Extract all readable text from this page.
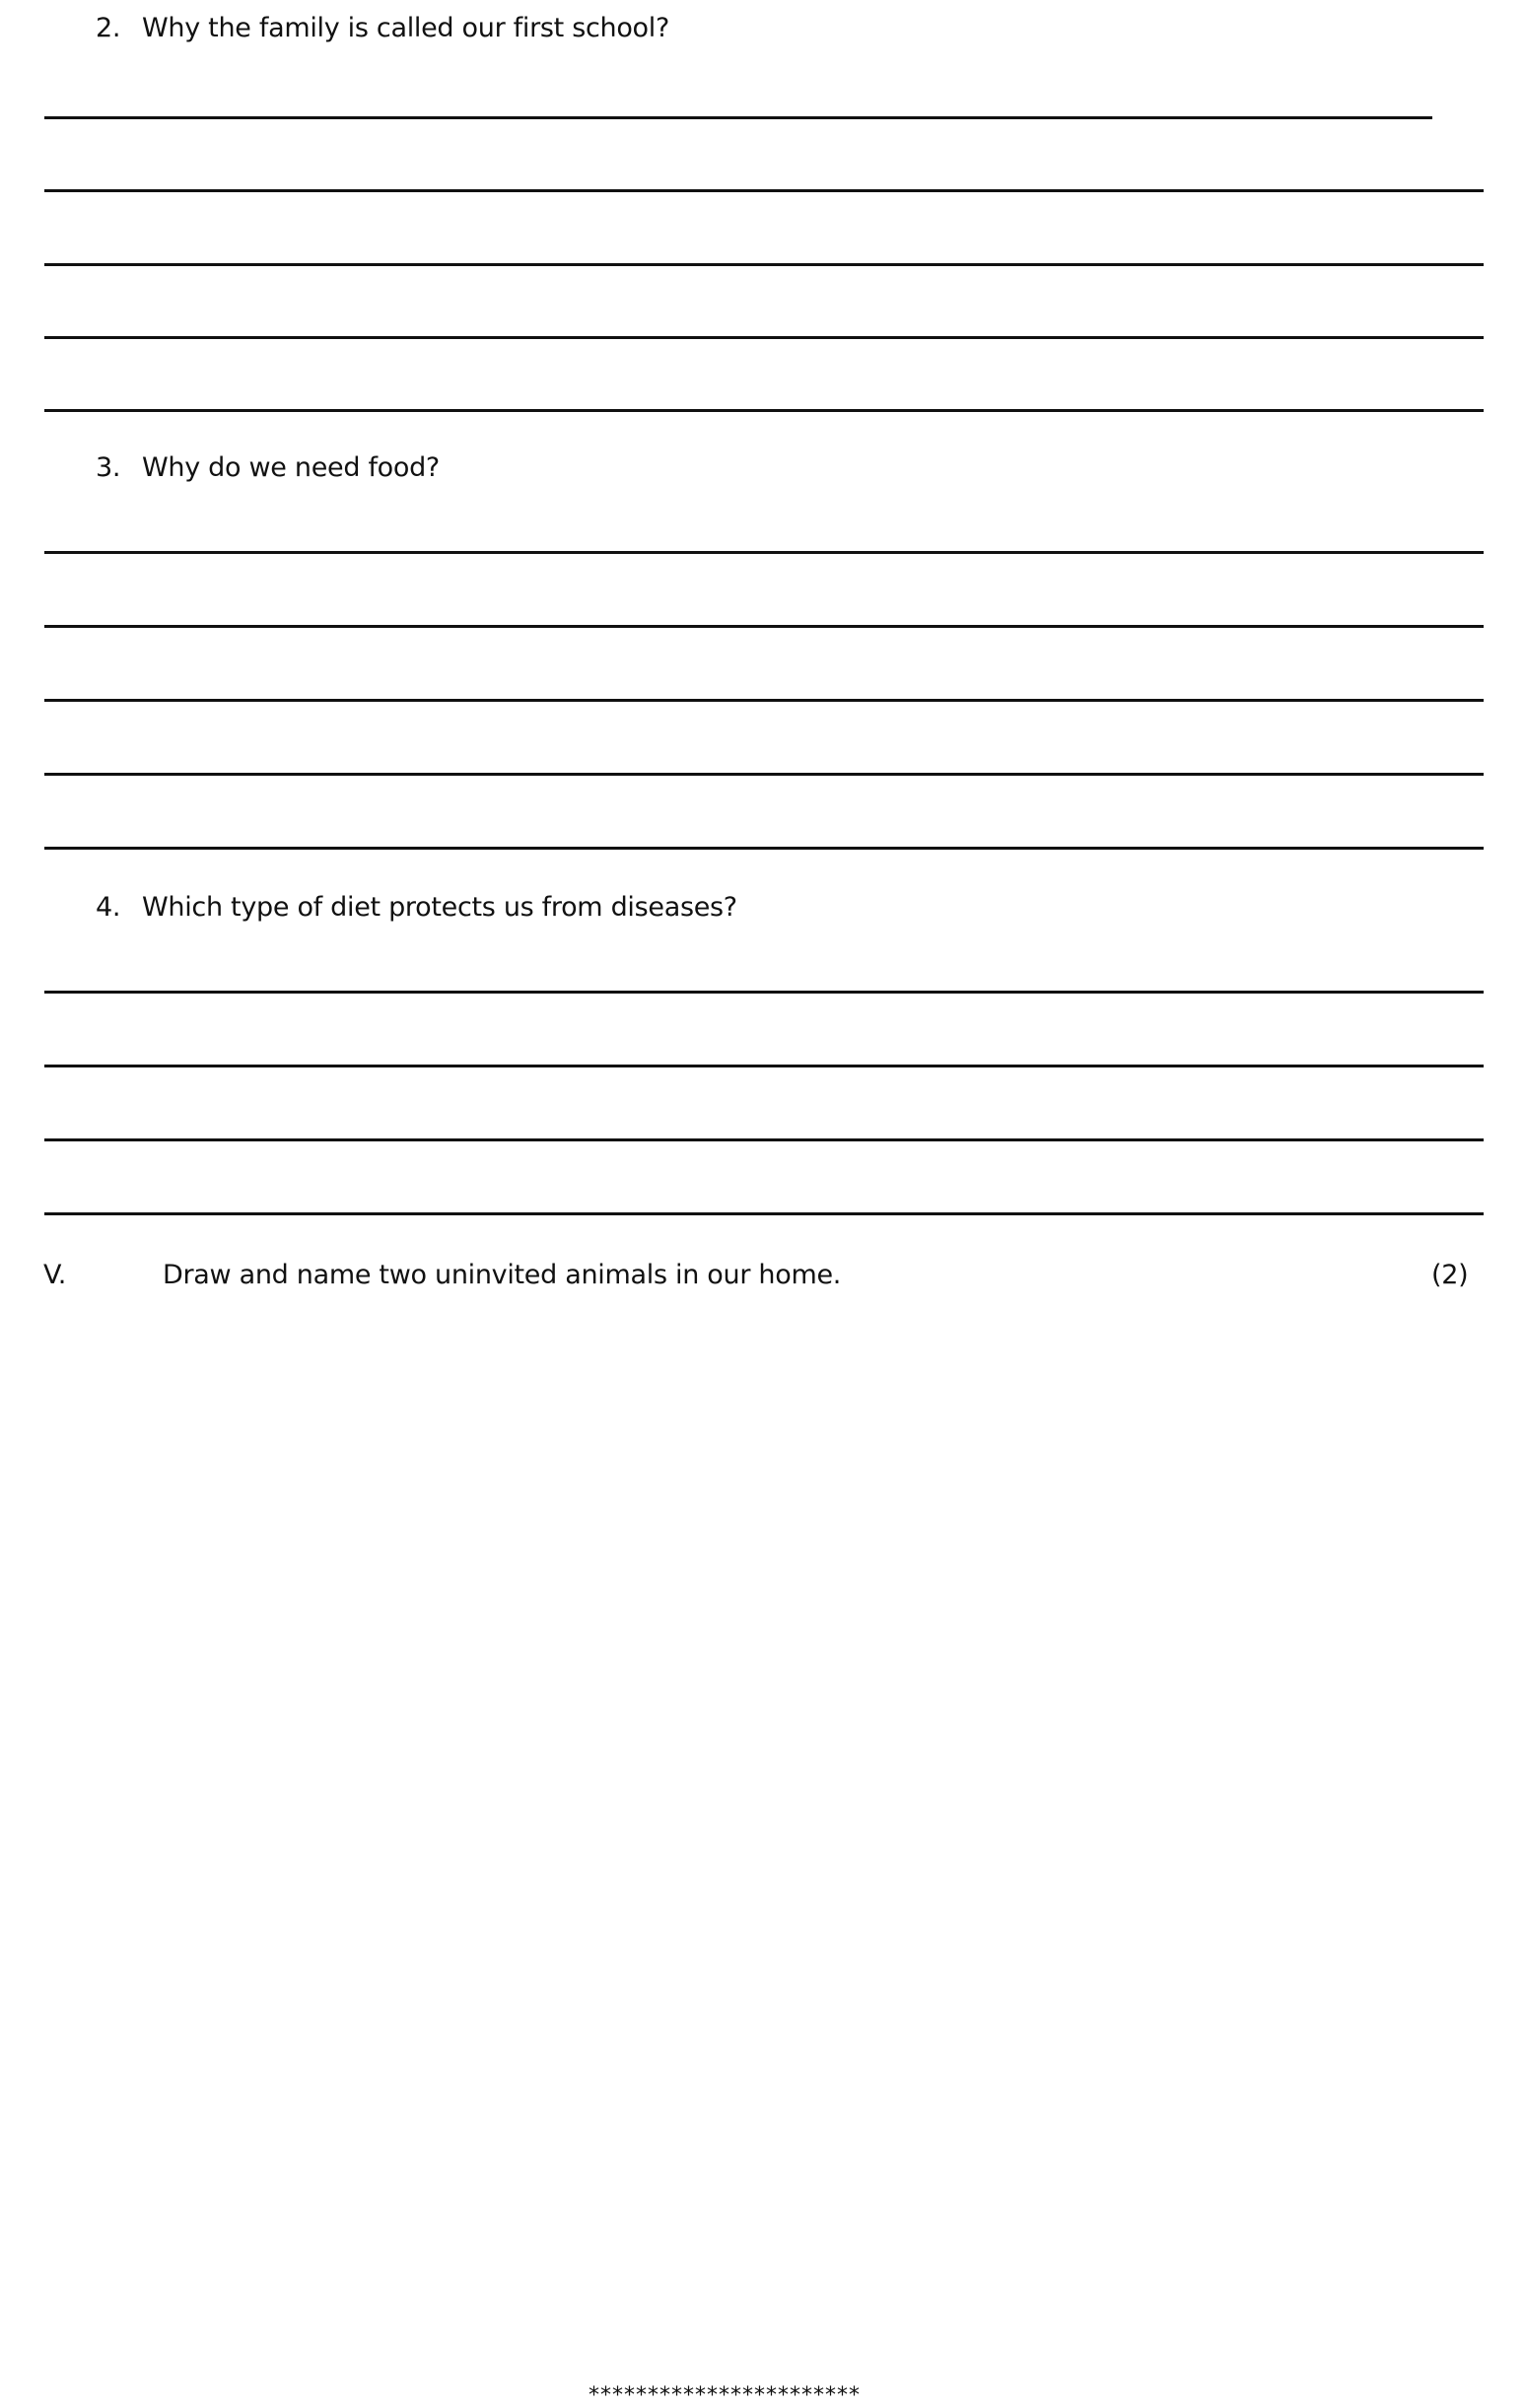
2. Why the family is called our first school?
3. Why do we need food?
4. Which type of diet protects us from diseases?
V.	Draw and name two uninvited animals in our home.	(2)
***********************
